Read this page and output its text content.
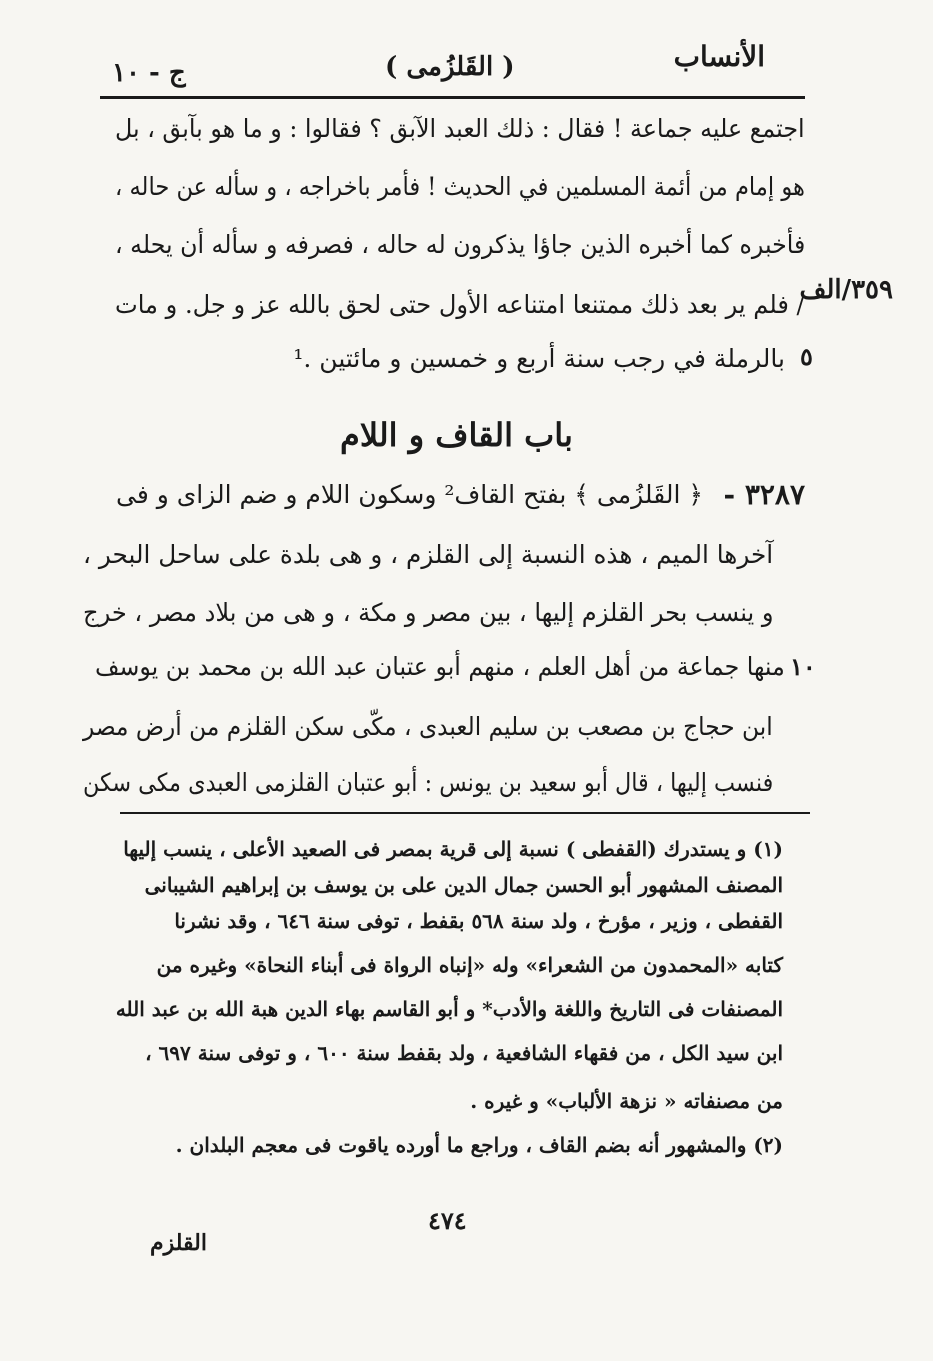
الأنساب
( القَلزُمى )
ج - ١٠
٣٥٩/الف
٥
١٠
اجتمع عليه جماعة ! فقال : ذلك العبد الآبق ؟ فقالوا : و ما هو بآبق ، بل
هو إمام من أئمة المسلمين في الحديث ! فأمر باخراجه ، و سأله عن حاله ،
فأخبره كما أخبره الذين جاؤا يذكرون له حاله ، فصرفه و سأله أن يحله ،
/ فلم ير بعد ذلك ممتنعا امتناعه الأول حتى لحق بالله عز و جل. و مات
بالرملة في رجب سنة أربع و خمسين و مائتين .¹
باب القاف و اللام
٣٢٨٧ -
﴿ القَلزُمى ﴾ بفتح القاف² وسكون اللام و ضم الزاى و فى
آخرها الميم ، هذه النسبة إلى القلزم ، و هى بلدة على ساحل البحر ،
و ينسب بحر القلزم إليها ، بين مصر و مكة ، و هى من بلاد مصر ، خرج
منها جماعة من أهل العلم ، منهم أبو عتبان عبد الله بن محمد بن يوسف
ابن حجاج بن مصعب بن سليم العبدى ، مكّى سكن القلزم من أرض مصر
فنسب إليها ، قال أبو سعيد بن يونس : أبو عتبان القلزمى العبدى مكى سكن
(١) و يستدرك (القفطى ) نسبة إلى قرية بمصر فى الصعيد الأعلى ، ينسب إليها
المصنف المشهور أبو الحسن جمال الدين على بن يوسف بن إبراهيم الشيبانى
القفطى ، وزير ، مؤرخ ، ولد سنة ٥٦٨ بقفط ، توفى سنة ٦٤٦ ، وقد نشرنا
كتابه «المحمدون من الشعراء» وله «إنباه الرواة فى أبناء النحاة» وغيره من
المصنفات فى التاريخ واللغة والأدب* و أبو القاسم بهاء الدين هبة الله بن عبد الله
ابن سيد الكل ، من فقهاء الشافعية ، ولد بقفط سنة ٦٠٠ ، و توفى سنة ٦٩٧ ،
من مصنفاته « نزهة الألباب» و غيره .
(٢) والمشهور أنه بضم القاف ، وراجع ما أورده ياقوت فى معجم البلدان .
٤٧٤
القلزم
